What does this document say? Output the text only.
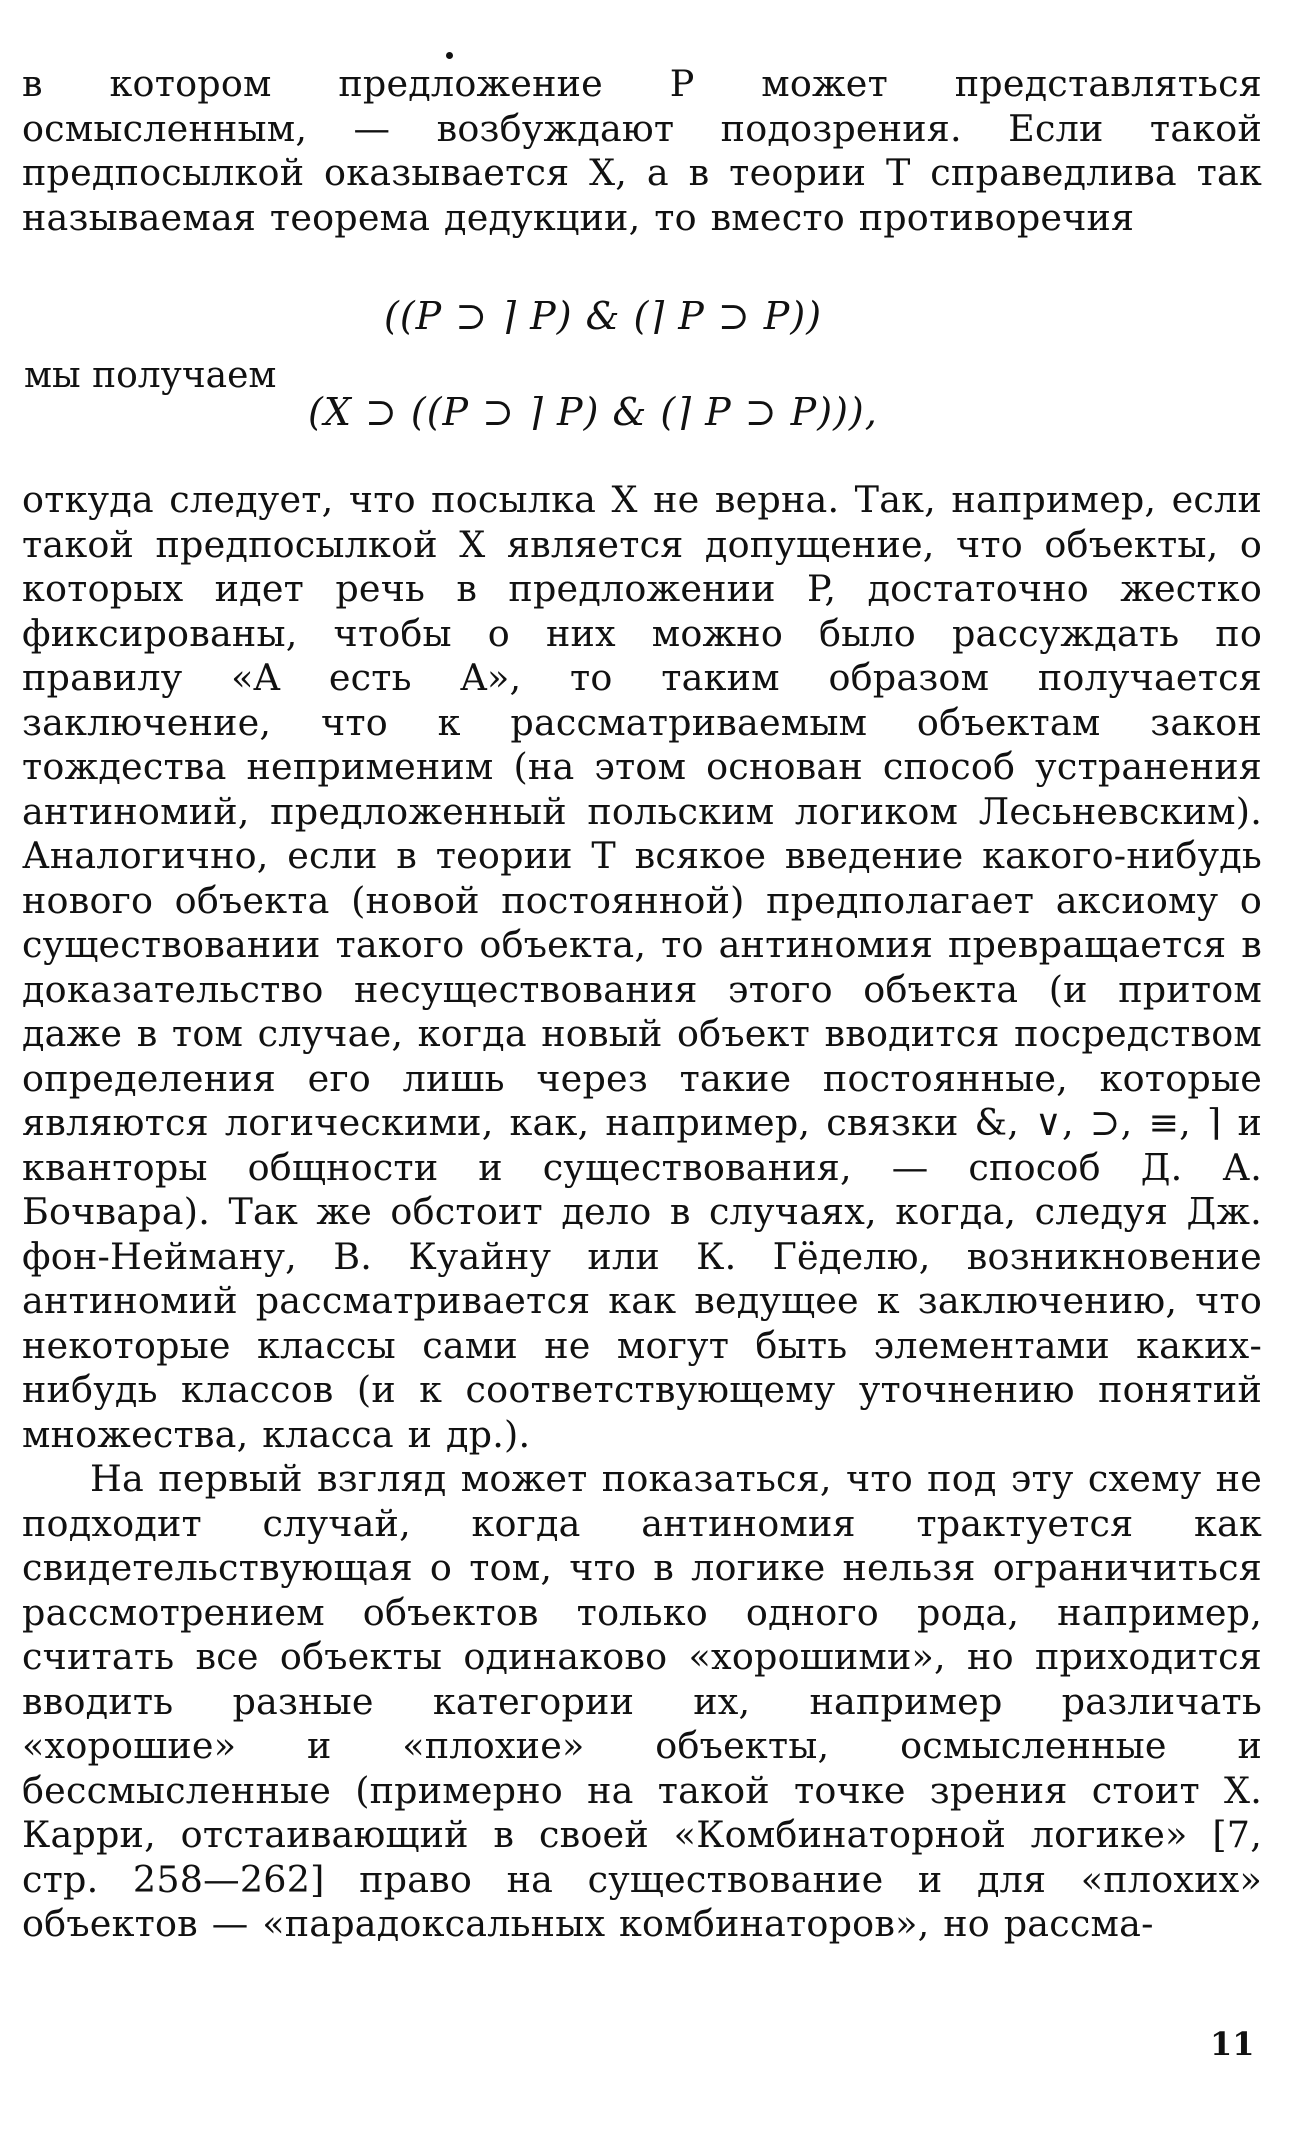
в котором предложение P может представляться осмысленным, — возбуждают подозрения. Если такой предпосылкой оказывается X, а в теории T справедлива так называемая теорема дедукции, то вместо противоречия

((P ⊃ ⌉ P) & (⌉ P ⊃ P))
мы получаем
(X ⊃ ((P ⊃ ⌉ P) & (⌉ P ⊃ P))),

откуда следует, что посылка X не верна. Так, например, если такой предпосылкой X является допущение, что объекты, о которых идет речь в предложении P, достаточно жестко фиксированы, чтобы о них можно было рассуждать по правилу «A есть A», то таким образом получается заключение, что к рассматриваемым объектам закон тождества неприменим (на этом основан способ устранения антиномий, предложенный польским логиком Лесьневским). Аналогично, если в теории T всякое введение какого-нибудь нового объекта (новой постоянной) предполагает аксиому о существовании такого объекта, то антиномия превращается в доказательство несуществования этого объекта (и притом даже в том случае, когда новый объект вводится посредством определения его лишь через такие постоянные, которые являются логическими, как, например, связки &, ∨, ⊃, ≡, ⌉ и кванторы общности и существования, — способ Д. А. Бочвара). Так же обстоит дело в случаях, когда, следуя Дж. фон-Нейману, В. Куайну или К. Гёделю, возникновение антиномий рассматривается как ведущее к заключению, что некоторые классы сами не могут быть элементами каких-нибудь классов (и к соответствующему уточнению понятий множества, класса и др.).

На первый взгляд может показаться, что под эту схему не подходит случай, когда антиномия трактуется как свидетельствующая о том, что в логике нельзя ограничиться рассмотрением объектов только одного рода, например, считать все объекты одинаково «хорошими», но приходится вводить разные категории их, например различать «хорошие» и «плохие» объекты, осмысленные и бессмысленные (примерно на такой точке зрения стоит X. Карри, отстаивающий в своей «Комбинаторной логике» [7, стр. 258—262] право на существование и для «плохих» объектов — «парадоксальных комбинаторов», но рассма-

11
